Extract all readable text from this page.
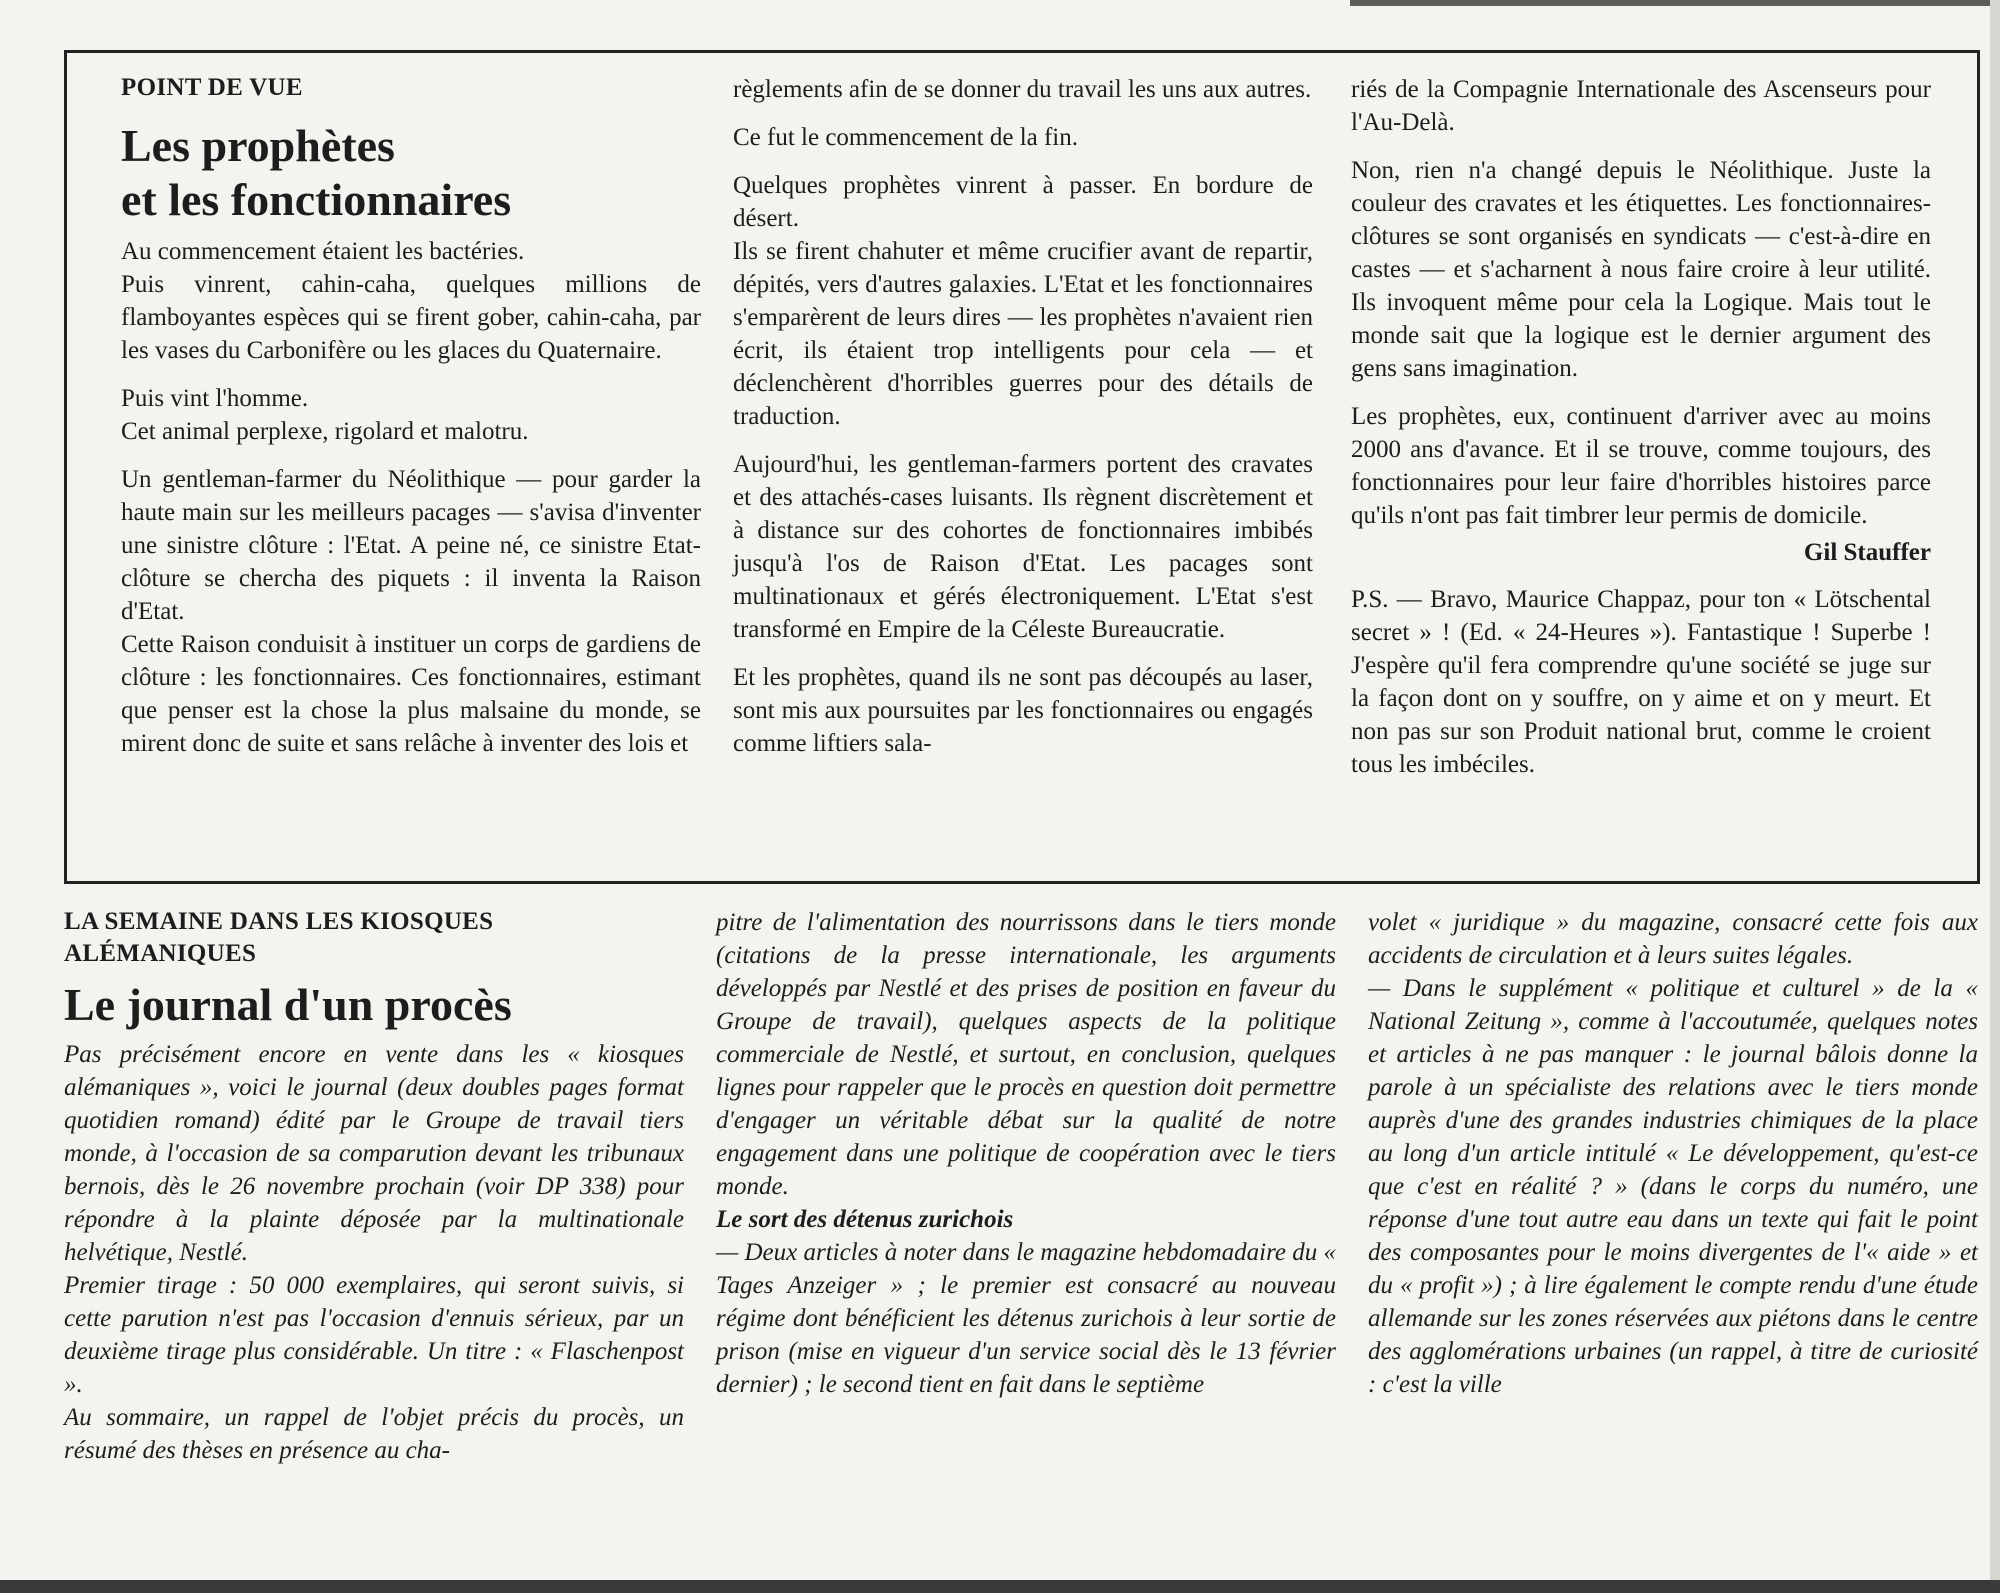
POINT DE VUE

Les prophètes
et les fonctionnaires

Au commencement étaient les bactéries.

Puis vinrent, cahin-caha, quelques millions de flamboyantes espèces qui se firent gober, cahin-caha, par les vases du Carbonifère ou les glaces du Quaternaire.

Puis vint l'homme.

Cet animal perplexe, rigolard et malotru.

Un gentleman-farmer du Néolithique — pour garder la haute main sur les meilleurs pacages — s'avisa d'inventer une sinistre clôture : l'Etat. A peine né, ce sinistre Etat-clôture se chercha des piquets : il inventa la Raison d'Etat.

Cette Raison conduisit à instituer un corps de gardiens de clôture : les fonctionnaires. Ces fonctionnaires, estimant que penser est la chose la plus malsaine du monde, se mirent donc de suite et sans relâche à inventer des lois et

règlements afin de se donner du travail les uns aux autres.

Ce fut le commencement de la fin.

Quelques prophètes vinrent à passer. En bordure de désert.

Ils se firent chahuter et même crucifier avant de repartir, dépités, vers d'autres galaxies. L'Etat et les fonctionnaires s'emparèrent de leurs dires — les prophètes n'avaient rien écrit, ils étaient trop intelligents pour cela — et déclenchèrent d'horribles guerres pour des détails de traduction.

Aujourd'hui, les gentleman-farmers portent des cravates et des attachés-cases luisants. Ils règnent discrètement et à distance sur des cohortes de fonctionnaires imbibés jusqu'à l'os de Raison d'Etat. Les pacages sont multinationaux et gérés électroniquement. L'Etat s'est transformé en Empire de la Céleste Bureaucratie.

Et les prophètes, quand ils ne sont pas découpés au laser, sont mis aux poursuites par les fonctionnaires ou engagés comme liftiers sala-

riés de la Compagnie Internationale des Ascenseurs pour l'Au-Delà.

Non, rien n'a changé depuis le Néolithique. Juste la couleur des cravates et les étiquettes. Les fonctionnaires-clôtures se sont organisés en syndicats — c'est-à-dire en castes — et s'acharnent à nous faire croire à leur utilité. Ils invoquent même pour cela la Logique. Mais tout le monde sait que la logique est le dernier argument des gens sans imagination.

Les prophètes, eux, continuent d'arriver avec au moins 2000 ans d'avance. Et il se trouve, comme toujours, des fonctionnaires pour leur faire d'horribles histoires parce qu'ils n'ont pas fait timbrer leur permis de domicile.

Gil Stauffer

P.S. — Bravo, Maurice Chappaz, pour ton « Lötschental secret » ! (Ed. « 24-Heures »). Fantastique ! Superbe ! J'espère qu'il fera comprendre qu'une société se juge sur la façon dont on y souffre, on y aime et on y meurt. Et non pas sur son Produit national brut, comme le croient tous les imbéciles.

LA SEMAINE DANS LES KIOSQUES

ALÉMANIQUES

Le journal d'un procès

Pas précisément encore en vente dans les « kiosques alémaniques », voici le journal (deux doubles pages format quotidien romand) édité par le Groupe de travail tiers monde, à l'occasion de sa comparution devant les tribunaux bernois, dès le 26 novembre prochain (voir DP 338) pour répondre à la plainte déposée par la multinationale helvétique, Nestlé.

Premier tirage : 50 000 exemplaires, qui seront suivis, si cette parution n'est pas l'occasion d'ennuis sérieux, par un deuxième tirage plus considérable. Un titre : « Flaschenpost ».

Au sommaire, un rappel de l'objet précis du procès, un résumé des thèses en présence au cha-

pitre de l'alimentation des nourrissons dans le tiers monde (citations de la presse internationale, les arguments développés par Nestlé et des prises de position en faveur du Groupe de travail), quelques aspects de la politique commerciale de Nestlé, et surtout, en conclusion, quelques lignes pour rappeler que le procès en question doit permettre d'engager un véritable débat sur la qualité de notre engagement dans une politique de coopération avec le tiers monde.

Le sort des détenus zurichois

— Deux articles à noter dans le magazine hebdomadaire du « Tages Anzeiger » ; le premier est consacré au nouveau régime dont bénéficient les détenus zurichois à leur sortie de prison (mise en vigueur d'un service social dès le 13 février dernier) ; le second tient en fait dans le septième

volet « juridique » du magazine, consacré cette fois aux accidents de circulation et à leurs suites légales.

— Dans le supplément « politique et culturel » de la « National Zeitung », comme à l'accoutumée, quelques notes et articles à ne pas manquer : le journal bâlois donne la parole à un spécialiste des relations avec le tiers monde auprès d'une des grandes industries chimiques de la place au long d'un article intitulé « Le développement, qu'est-ce que c'est en réalité ? » (dans le corps du numéro, une réponse d'une tout autre eau dans un texte qui fait le point des composantes pour le moins divergentes de l'« aide » et du « profit ») ; à lire également le compte rendu d'une étude allemande sur les zones réservées aux piétons dans le centre des agglomérations urbaines (un rappel, à titre de curiosité : c'est la ville
